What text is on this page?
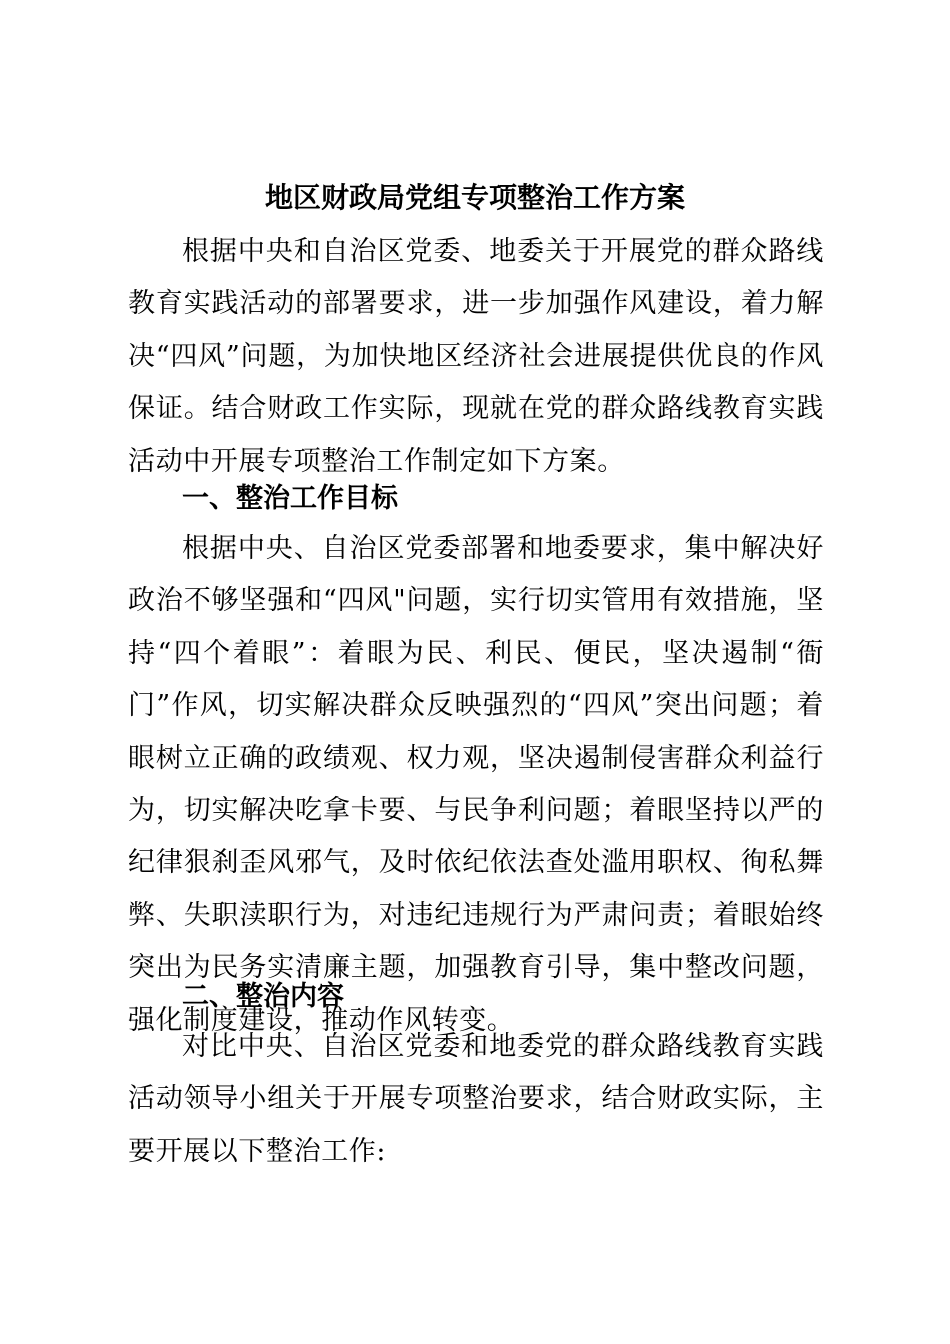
地区财政局党组专项整治工作方案
根据中央和自治区党委、地委关于开展党的群众路线教育实践活动的部署要求，进一步加强作风建设，着力解决“四风”问题，为加快地区经济社会进展提供优良的作风保证。结合财政工作实际，现就在党的群众路线教育实践活动中开展专项整治工作制定如下方案。
一、整治工作目标
根据中央、自治区党委部署和地委要求，集中解决好政治不够坚强和“四风"问题，实行切实管用有效措施，坚持“四个着眼”：着眼为民、利民、便民，坚决遏制“衙门”作风，切实解决群众反映强烈的“四风”突出问题；着眼树立正确的政绩观、权力观，坚决遏制侵害群众利益行为，切实解决吃拿卡要、与民争利问题；着眼坚持以严的纪律狠刹歪风邪气，及时依纪依法查处滥用职权、徇私舞弊、失职渎职行为，对违纪违规行为严肃问责；着眼始终突出为民务实清廉主题，加强教育引导，集中整改问题，强化制度建设，推动作风转变。
二、整治内容
对比中央、自治区党委和地委党的群众路线教育实践活动领导小组关于开展专项整治要求，结合财政实际，主要开展以下整治工作:
